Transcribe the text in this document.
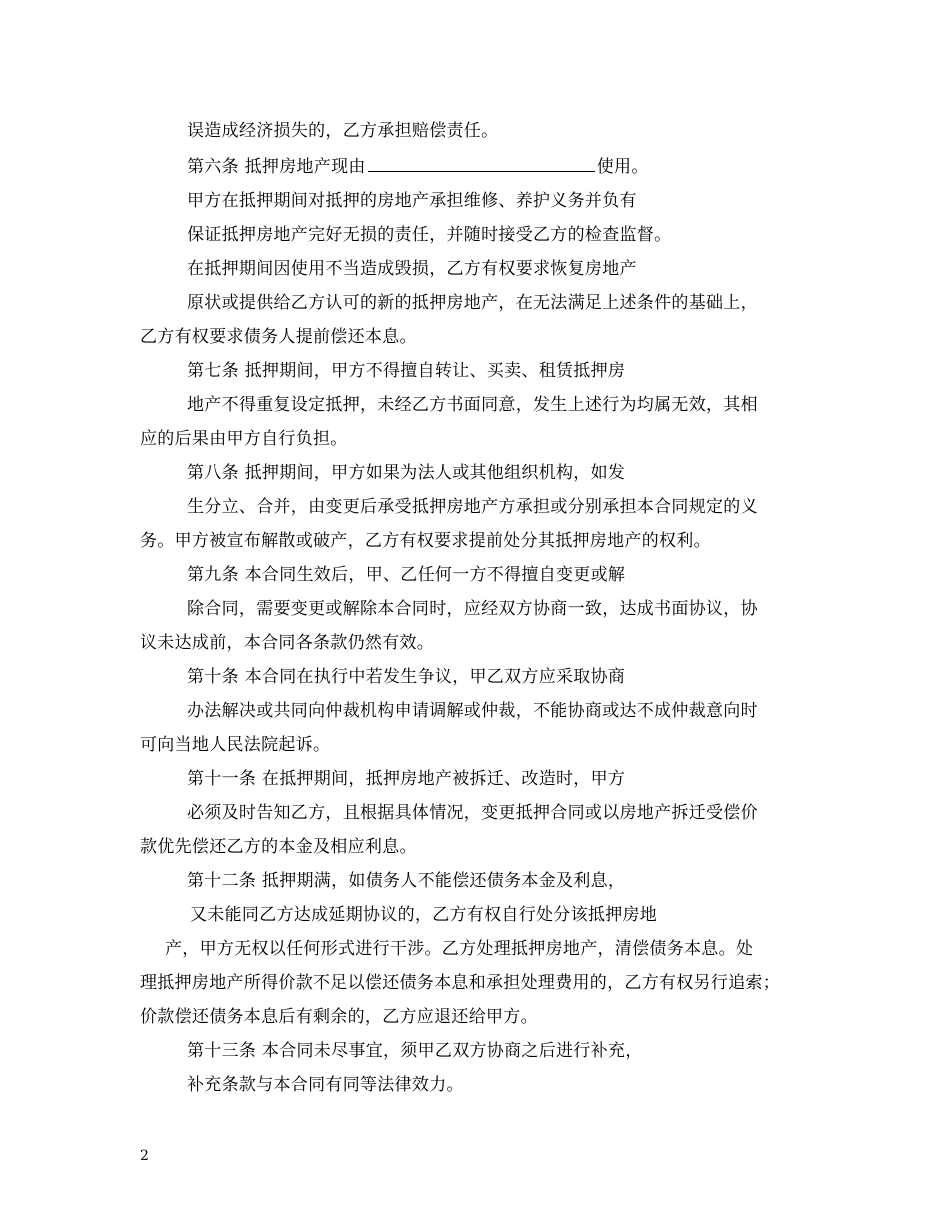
误造成经济损失的，乙方承担赔偿责任。
第六条 抵押房地产现由	使用。
甲方在抵押期间对抵押的房地产承担维修、养护义务并负有
保证抵押房地产完好无损的责任，并随时接受乙方的检查监督。
在抵押期间因使用不当造成毁损，乙方有权要求恢复房地产
原状或提供给乙方认可的新的抵押房地产，在无法满足上述条件的基础上，
乙方有权要求债务人提前偿还本息。
第七条 抵押期间，甲方不得擅自转让、买卖、租赁抵押房
地产不得重复设定抵押，未经乙方书面同意，发生上述行为均属无效，其相
应的后果由甲方自行负担。
第八条 抵押期间，甲方如果为法人或其他组织机构，如发
生分立、合并，由变更后承受抵押房地产方承担或分别承担本合同规定的义
务。甲方被宣布解散或破产，乙方有权要求提前处分其抵押房地产的权利。
第九条 本合同生效后，甲、乙任何一方不得擅自变更或解
除合同，需要变更或解除本合同时，应经双方协商一致，达成书面协议，协
议未达成前，本合同各条款仍然有效。
第十条 本合同在执行中若发生争议，甲乙双方应采取协商
办法解决或共同向仲裁机构申请调解或仲裁，不能协商或达不成仲裁意向时
可向当地人民法院起诉。
第十一条 在抵押期间，抵押房地产被拆迁、改造时，甲方
必须及时告知乙方，且根据具体情况，变更抵押合同或以房地产拆迁受偿价
款优先偿还乙方的本金及相应利息。
第十二条 抵押期满，如债务人不能偿还债务本金及利息，
又未能同乙方达成延期协议的，乙方有权自行处分该抵押房地
产，甲方无权以任何形式进行干涉。乙方处理抵押房地产，清偿债务本息。处
理抵押房地产所得价款不足以偿还债务本息和承担处理费用的，乙方有权另行追索；
价款偿还债务本息后有剩余的，乙方应退还给甲方。
第十三条 本合同未尽事宜，须甲乙双方协商之后进行补充，
补充条款与本合同有同等法律效力。
2
